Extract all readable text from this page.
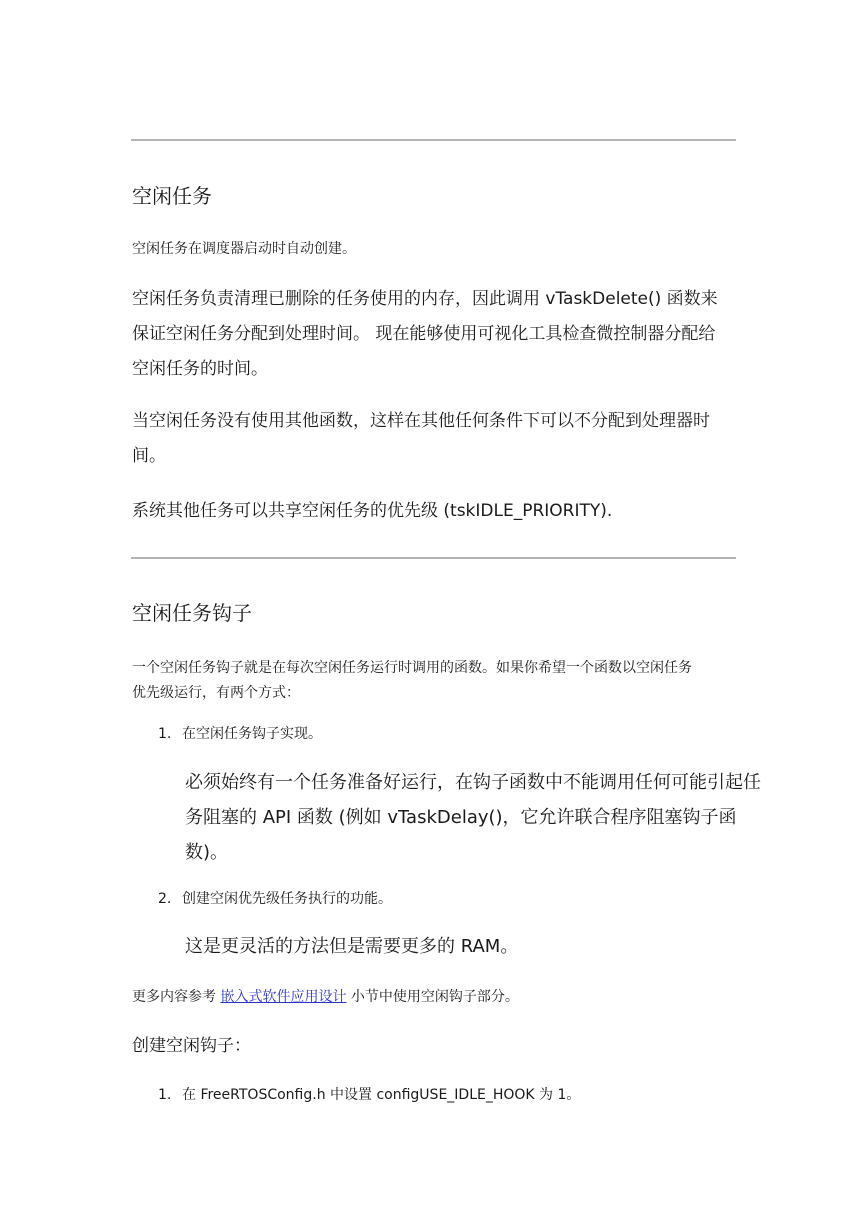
空闲任务

空闲任务在调度器启动时自动创建。

空闲任务负责清理已删除的任务使用的内存，因此调用 vTaskDelete() 函数来

保证空闲任务分配到处理时间。 现在能够使用可视化工具检查微控制器分配给

空闲任务的时间。

当空闲任务没有使用其他函数，这样在其他任何条件下可以不分配到处理器时

间。

系统其他任务可以共享空闲任务的优先级 (tskIDLE_PRIORITY).

空闲任务钩子

一个空闲任务钩子就是在每次空闲任务运行时调用的函数。如果你希望一个函数以空闲任务

优先级运行，有两个方式：

1. 在空闲任务钩子实现。

必须始终有一个任务准备好运行，在钩子函数中不能调用任何可能引起任

务阻塞的 API 函数 (例如 vTaskDelay()，它允许联合程序阻塞钩子函

数)。

2. 创建空闲优先级任务执行的功能。

这是更灵活的方法但是需要更多的 RAM。

更多内容参考 嵌入式软件应用设计 小节中使用空闲钩子部分。

创建空闲钩子：

1. 在 FreeRTOSConfig.h 中设置 configUSE_IDLE_HOOK 为 1。
